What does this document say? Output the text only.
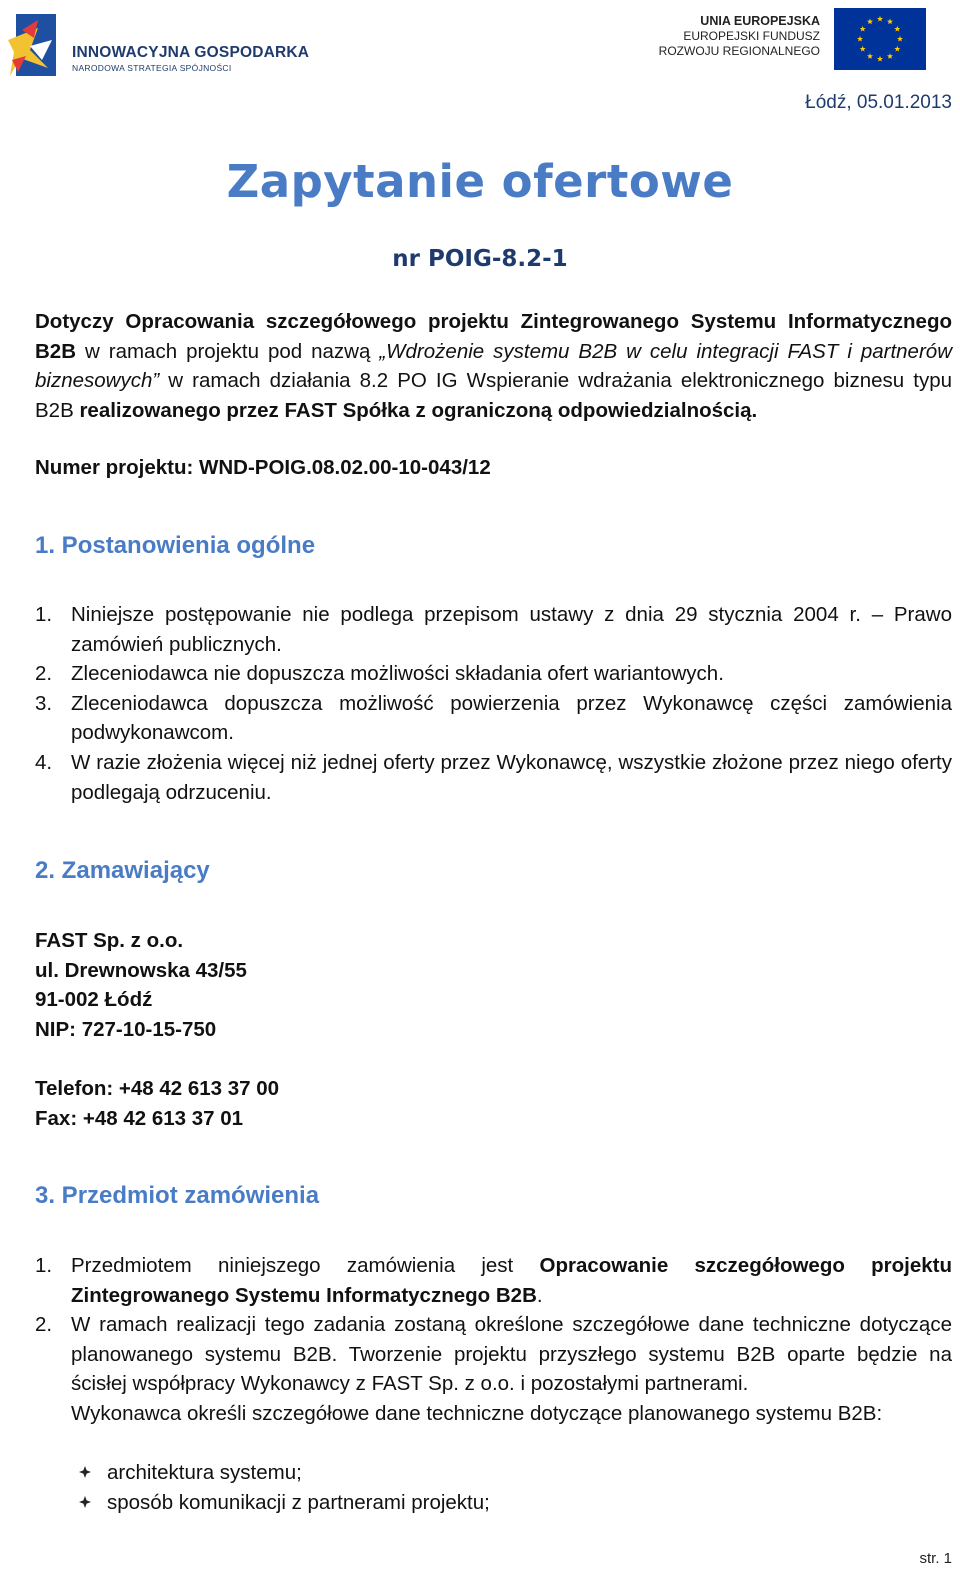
INNOWACYJNA GOSPODARKA
NARODOWA STRATEGIA SPÓJNOŚCI
UNIA EUROPEJSKA
EUROPEJSKI FUNDUSZ
ROZWOJU REGIONALNEGO
Łódź, 05.01.2013
Zapytanie ofertowe
nr POIG-8.2-1
Dotyczy Opracowania szczegółowego projektu Zintegrowanego Systemu Informatycznego B2B w ramach projektu pod nazwą „Wdrożenie systemu B2B w celu integracji FAST i partnerów biznesowych” w ramach działania 8.2 PO IG Wspieranie wdrażania elektronicznego biznesu typu B2B realizowanego przez FAST Spółka z ograniczoną odpowiedzialnością.
Numer projektu: WND-POIG.08.02.00-10-043/12
1. Postanowienia ogólne
1. Niniejsze postępowanie nie podlega przepisom ustawy z dnia 29 stycznia 2004 r. – Prawo zamówień publicznych.
2. Zleceniodawca nie dopuszcza możliwości składania ofert wariantowych.
3. Zleceniodawca dopuszcza możliwość powierzenia przez Wykonawcę części zamówienia podwykonawcom.
4. W razie złożenia więcej niż jednej oferty przez Wykonawcę, wszystkie złożone przez niego oferty podlegają odrzuceniu.
2. Zamawiający
FAST Sp. z o.o.
ul. Drewnowska 43/55
91-002 Łódź
NIP: 727-10-15-750
Telefon: +48 42 613 37 00
Fax: +48 42 613 37 01
3. Przedmiot zamówienia
1. Przedmiotem niniejszego zamówienia jest Opracowanie szczegółowego projektu Zintegrowanego Systemu Informatycznego B2B.
2. W ramach realizacji tego zadania zostaną określone szczegółowe dane techniczne dotyczące planowanego systemu B2B. Tworzenie projektu przyszłego systemu B2B oparte będzie na ścisłej współpracy Wykonawcy z FAST Sp. z o.o. i pozostałymi partnerami.
Wykonawca określi szczegółowe dane techniczne dotyczące planowanego systemu B2B:
architektura systemu;
sposób komunikacji z partnerami projektu;
str. 1
